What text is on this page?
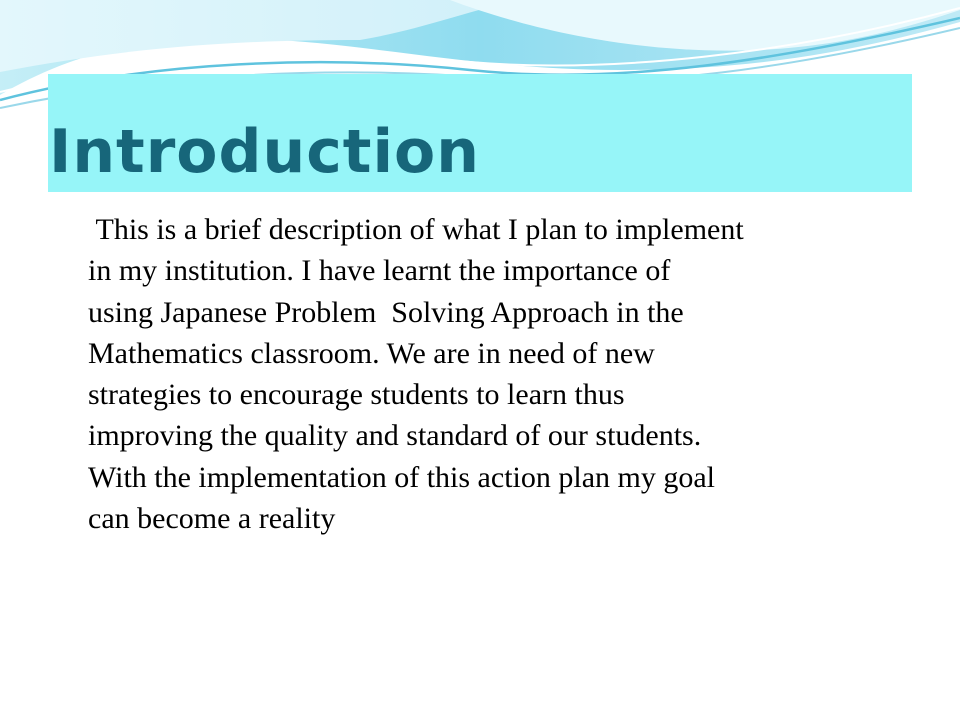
Introduction
This is a brief description of what I plan to implement
in my institution. I have learnt the importance of
using Japanese Problem  Solving Approach in the
Mathematics classroom. We are in need of new
strategies to encourage students to learn thus
improving the quality and standard of our students.
With the implementation of this action plan my goal
can become a reality
